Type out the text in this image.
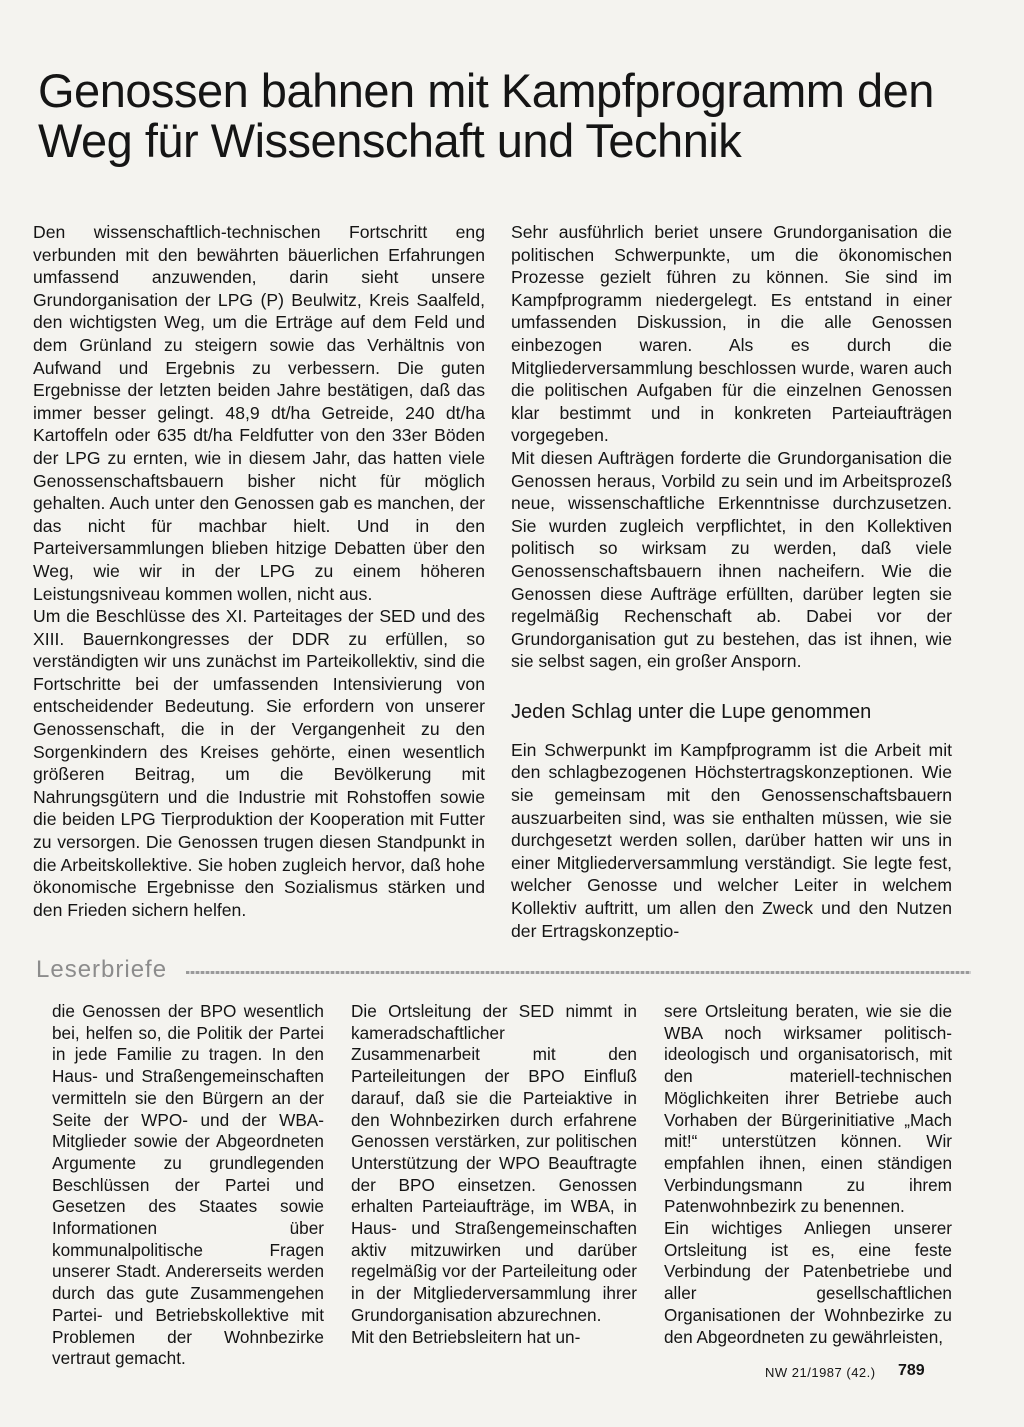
Genossen bahnen mit Kampfprogramm den Weg für Wissenschaft und Technik

Den wissenschaftlich-technischen Fortschritt eng verbunden mit den bewährten bäuerlichen Erfahrungen umfassend anzuwenden, darin sieht unsere Grundorganisation der LPG (P) Beulwitz, Kreis Saalfeld, den wichtigsten Weg, um die Erträge auf dem Feld und dem Grünland zu steigern sowie das Verhältnis von Aufwand und Ergebnis zu verbessern. Die guten Ergebnisse der letzten beiden Jahre bestätigen, daß das immer besser gelingt. 48,9 dt/ha Getreide, 240 dt/ha Kartoffeln oder 635 dt/ha Feldfutter von den 33er Böden der LPG zu ernten, wie in diesem Jahr, das hatten viele Genossenschaftsbauern bisher nicht für möglich gehalten. Auch unter den Genossen gab es manchen, der das nicht für machbar hielt. Und in den Parteiversammlungen blieben hitzige Debatten über den Weg, wie wir in der LPG zu einem höheren Leistungsniveau kommen wollen, nicht aus.

Um die Beschlüsse des XI. Parteitages der SED und des XIII. Bauernkongresses der DDR zu erfüllen, so verständigten wir uns zunächst im Parteikollektiv, sind die Fortschritte bei der umfassenden Intensivierung von entscheidender Bedeutung. Sie erfordern von unserer Genossenschaft, die in der Vergangenheit zu den Sorgenkindern des Kreises gehörte, einen wesentlich größeren Beitrag, um die Bevölkerung mit Nahrungsgütern und die Industrie mit Rohstoffen sowie die beiden LPG Tierproduktion der Kooperation mit Futter zu versorgen. Die Genossen trugen diesen Standpunkt in die Arbeitskollektive. Sie hoben zugleich hervor, daß hohe ökonomische Ergebnisse den Sozialismus stärken und den Frieden sichern helfen.

Sehr ausführlich beriet unsere Grundorganisation die politischen Schwerpunkte, um die ökonomischen Prozesse gezielt führen zu können. Sie sind im Kampfprogramm niedergelegt. Es entstand in einer umfassenden Diskussion, in die alle Genossen einbezogen waren. Als es durch die Mitgliederversammlung beschlossen wurde, waren auch die politischen Aufgaben für die einzelnen Genossen klar bestimmt und in konkreten Parteiaufträgen vorgegeben.

Mit diesen Aufträgen forderte die Grundorganisation die Genossen heraus, Vorbild zu sein und im Arbeitsprozeß neue, wissenschaftliche Erkenntnisse durchzusetzen. Sie wurden zugleich verpflichtet, in den Kollektiven politisch so wirksam zu werden, daß viele Genossenschaftsbauern ihnen nacheifern. Wie die Genossen diese Aufträge erfüllten, darüber legten sie regelmäßig Rechenschaft ab. Dabei vor der Grundorganisation gut zu bestehen, das ist ihnen, wie sie selbst sagen, ein großer Ansporn.

Jeden Schlag unter die Lupe genommen

Ein Schwerpunkt im Kampfprogramm ist die Arbeit mit den schlagbezogenen Höchstertragskonzeptionen. Wie sie gemeinsam mit den Genossenschaftsbauern auszuarbeiten sind, was sie enthalten müssen, wie sie durchgesetzt werden sollen, darüber hatten wir uns in einer Mitgliederversammlung verständigt. Sie legte fest, welcher Genosse und welcher Leiter in welchem Kollektiv auftritt, um allen den Zweck und den Nutzen der Ertragskonzeptio-

Leserbriefe

die Genossen der BPO wesentlich bei, helfen so, die Politik der Partei in jede Familie zu tragen. In den Haus- und Straßengemeinschaften vermitteln sie den Bürgern an der Seite der WPO- und der WBA-Mitglieder sowie der Abgeordneten Argumente zu grundlegenden Beschlüssen der Partei und Gesetzen des Staates sowie Informationen über kommunalpolitische Fragen unserer Stadt. Andererseits werden durch das gute Zusammengehen Partei- und Betriebskollektive mit Problemen der Wohnbezirke vertraut gemacht.

Die Ortsleitung der SED nimmt in kameradschaftlicher Zusammenarbeit mit den Parteileitungen der BPO Einfluß darauf, daß sie die Parteiaktive in den Wohnbezirken durch erfahrene Genossen verstärken, zur politischen Unterstützung der WPO Beauftragte der BPO einsetzen. Genossen erhalten Parteiaufträge, im WBA, in Haus- und Straßengemeinschaften aktiv mitzuwirken und darüber regelmäßig vor der Parteileitung oder in der Mitgliederversammlung ihrer Grundorganisation abzurechnen.

Mit den Betriebsleitern hat un-

sere Ortsleitung beraten, wie sie die WBA noch wirksamer politisch-ideologisch und organisatorisch, mit den materiell-technischen Möglichkeiten ihrer Betriebe auch Vorhaben der Bürgerinitiative „Mach mit!“ unterstützen können. Wir empfahlen ihnen, einen ständigen Verbindungsmann zu ihrem Patenwohnbezirk zu benennen.

Ein wichtiges Anliegen unserer Ortsleitung ist es, eine feste Verbindung der Patenbetriebe und aller gesellschaftlichen Organisationen der Wohnbezirke zu den Abgeordneten zu gewährleisten,

NW 21/1987 (42.) 789
